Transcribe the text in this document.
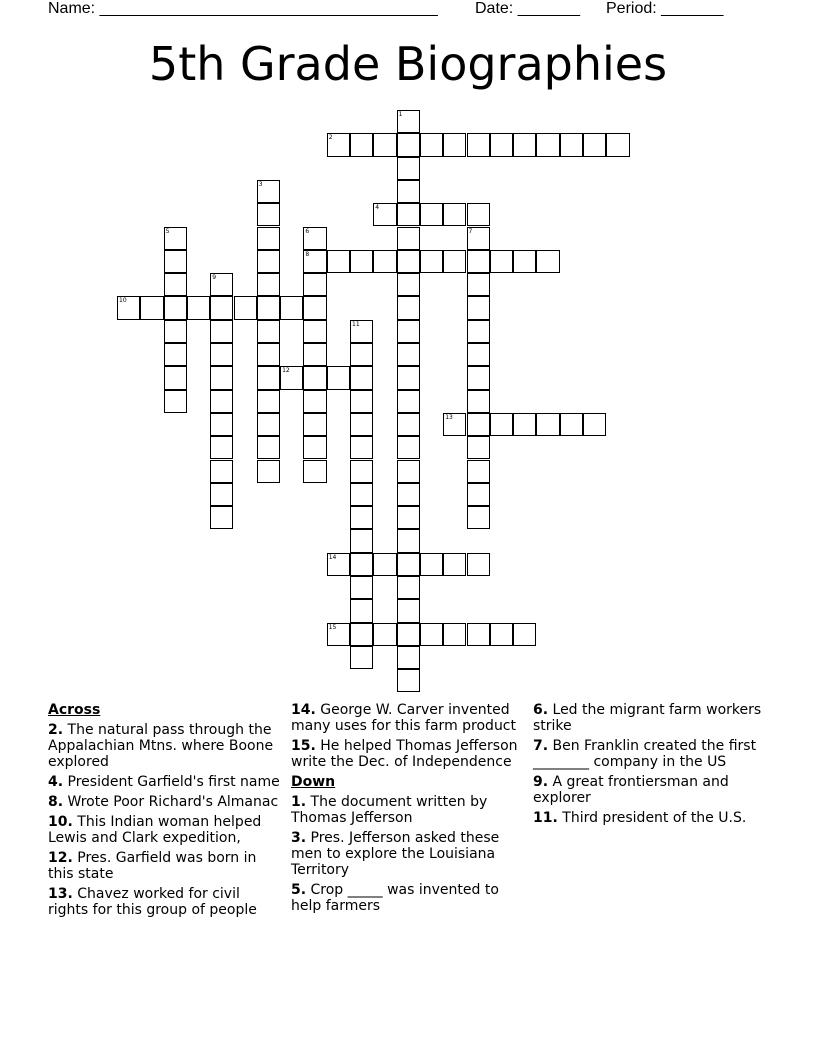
Name: ______________________________________ Date: _______ Period: _______
5th Grade Biographies
1
2
3
4
5	6
8
7
9
10
11
12
13
14
15
Across
2. The natural pass through the Appalachian Mtns. where Boone explored
4. President Garfield's first name
8. Wrote Poor Richard's Almanac
10. This Indian woman helped Lewis and Clark expedition,
12. Pres. Garfield was born in this state
13. Chavez worked for civil rights for this group of people
14. George W. Carver invented many uses for this farm product
15. He helped Thomas Jefferson write the Dec. of Independence
Down
1. The document written by Thomas Jefferson
3. Pres. Jefferson asked these men to explore the Louisiana Territory
5. Crop _____ was invented to help farmers
6. Led the migrant farm workers strike
7. Ben Franklin created the first ________ company in the US
9. A great frontiersman and explorer
11. Third president of the U.S.
